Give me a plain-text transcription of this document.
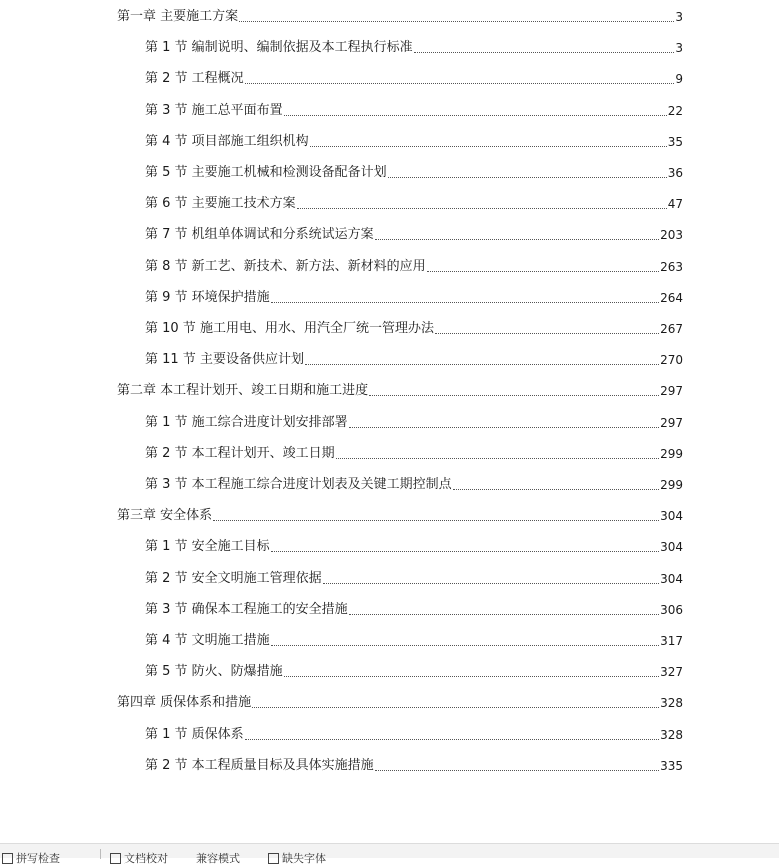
第一章 主要施工方案	3
第 1 节 编制说明、编制依据及本工程执行标准	3
第 2 节 工程概况	9
第 3 节 施工总平面布置	22
第 4 节 项目部施工组织机构	35
第 5 节 主要施工机械和检测设备配备计划	36
第 6 节 主要施工技术方案	47
第 7 节 机组单体调试和分系统试运方案	203
第 8 节 新工艺、新技术、新方法、新材料的应用	263
第 9 节 环境保护措施	264
第 10 节 施工用电、用水、用汽全厂统一管理办法	267
第 11 节 主要设备供应计划	270
第二章 本工程计划开、竣工日期和施工进度	297
第 1 节 施工综合进度计划安排部署	297
第 2 节 本工程计划开、竣工日期	299
第 3 节 本工程施工综合进度计划表及关键工期控制点	299
第三章 安全体系	304
第 1 节 安全施工目标	304
第 2 节 安全文明施工管理依据	304
第 3 节 确保本工程施工的安全措施	306
第 4 节 文明施工措施	317
第 5 节 防火、防爆措施	327
第四章 质保体系和措施	328
第 1 节 质保体系	328
第 2 节 本工程质量目标及具体实施措施	335
拼写检查	文档校对	兼容模式	缺失字体
